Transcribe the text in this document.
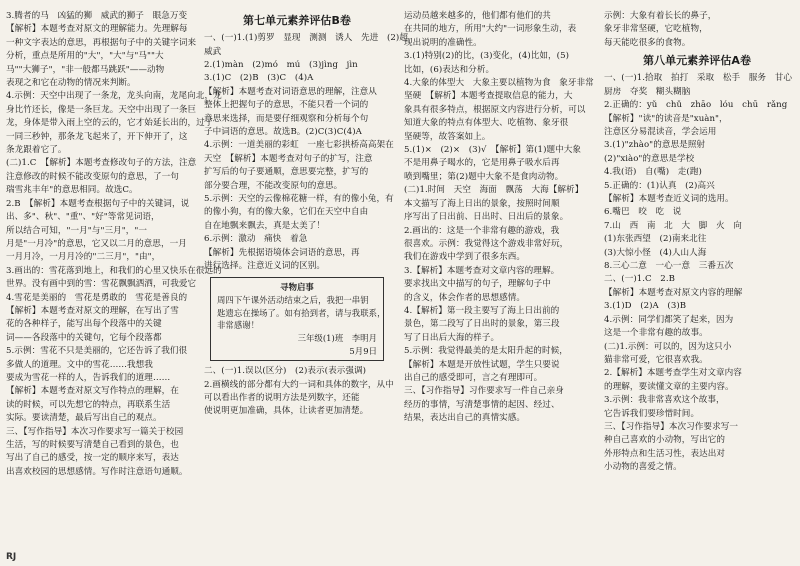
3.腾者的马　凶猛的狮　威武的狮子　眼急万变
【解析】本题考查对原文的理解能力。先理解每
一种文字表达的意思，再根据句子中的关键字词来
分析，重点是所用的"大"，"大"与"马""大
马""大狮子"，"非一般都马跳跃"——动物
表现之和它在动物的情况来判断。
4.示例：天空中出现了一条龙，龙头向南，龙尾向北，龙
身比竹还长，像是一条巨龙。天空中出现了一条巨
龙，身体是带入雨上空的云的，它才始延长出的，过了
一同三秒钟，那条龙飞起来了，开下伸开了，这
条龙跟着它了。
(二)1.C　【解析】本题考查修改句子的方法，注意
注意修改的时候不能改变原句的意思，了一句
瑞雪兆丰年"的意思相同。故选C。
2.B　【解析】本题考查根据句子中的关键词，说
出、多"、秋"、"重"、"好"等常见词语，
所以结合可知，"一月"与"三月"，"一
月是"一月冷"的意思，它又以二月的意思，一月
一月月冷，一月月冷的"二三月"，"由"，
3.画出的：雪花落到地上，和我们的心里又快乐在很远的
世界。没有画中到的雪：雪花飘飘洒洒，可我爱它
4.雪花是美丽的　雪花是勇敢的　雪花是善良的
【解析】本题考查对原文的理解，在写出了雪
花的各种样子，能写出每个段落中的关键
词——各段落中的关键句，它每个段落都
5.示例：雪花不只是美丽的，它还告诉了我们很
多做人的道理。文中的雪花……我想我
要成为雪花一样的人，告诉我们的道理……
【解析】本题考查对原文写作特点的理解，在
读的时候，可以先想它的特点，再联系生活
实际。要读清楚，最后写出自己的观点。
三、【写作指导】本次习作要求写一篇关于校园
生活，写的时候要写清楚自己看到的景色，也
写出了自己的感受，按一定的顺序来写，表达
出喜欢校园的思想感情。写作时注意语句通顺。
第七单元素养评估B卷
一、(一)1.(1)剪罗　显现　测测　诱人　先进　(2)超
威武
2.(1)màn　(2)mó　mú　(3)jìng　jìn
3.(1)C　(2)B　(3)C　(4)A
【解析】本题考查对词语意思的理解，注意从
整体上把握句子的意思，不能只看一个词的
意思来选择，而是要仔细观察和分析每个句
子中词语的意思。故选B。(2)C(3)C(4)A
4.示例：一道美丽的彩虹　一座七彩拱桥高高架在
天空　【解析】本题考查对句子的扩写，注意
扩写后的句子要通顺，意思要完整，扩写的
部分要合理，不能改变原句的意思。
5.示例：天空的云像棉花糖一样，有的像小兔，有
的像小狗，有的像大象，它们在天空中自由
自在地飘来飘去，真是太美了！
6.示例：激动　痛快　着急
【解析】先根据语境体会词语的意思，再
进行选择。注意近义词的区别。
寻物启事
周四下午课外活动结束之后，我把一串钥
匙遗忘在操场了。如有拾到者，请与我联系，
非常感谢！
三年级(1)班　李明月
5月9日
二、(一)1.误以(区分)　(2)表示(表示强调)
2.画横线的部分都有大约一词和具体的数字，从中
可以看出作者的说明方法是列数字，还能
使说明更加准确，具体，让读者更加清楚。
运动员越来越多的，他们都有他们的共
在共同的地方，所用"大约"一词形象生动，表
现出说明的准确性。
3.(1)特别(2)的比，(3)变化，(4)比如，(5)
比如，(6)表达和分析。
4.大象的体型大　大象主要以植物为食　象牙非常
坚硬　【解析】本题考查提取信息的能力，大
象具有很多特点，根据原文内容进行分析，可以
知道大象的特点有体型大、吃植物、象牙很
坚硬等，故答案如上。
5.(1)×　(2)×　(3)√　【解析】第(1)题中大象
不是用鼻子喝水的，它是用鼻子吸水后再
喷到嘴里；第(2)题中大象不是食肉动物。
(二)1.时间　天空　海面　飘荡　大海【解析】
本文描写了海上日出的景象，按照时间顺
序写出了日出前、日出时、日出后的景象。
2.画出的：这是一个非常有趣的游戏，我
很喜欢。示例：我觉得这个游戏非常好玩，
我们在游戏中学到了很多东西。
3.【解析】本题考查对文章内容的理解。
要求找出文中描写的句子，理解句子中
的含义，体会作者的思想感情。
4.【解析】第一段主要写了海上日出前的
景色，第二段写了日出时的景象，第三段
写了日出后大海的样子。
5.示例：我觉得最美的是太阳升起的时候，
【解析】本题是开放性试题，学生只要说
出自己的感受即可，言之有理即可。
三、【习作指导】习作要求写一件自己亲身
经历的事情，写清楚事情的起因、经过、
结果，表达出自己的真情实感。
示例：大象有着长长的鼻子，
象牙非常坚硬，它吃植物，
每天能吃很多的食物。
第八单元素养评估A卷
一、(一)1.拾取　拍打　采取　松手　服务　甘心
厨房　夺奖　糊头糊脑
2.正确的：yǔ　chǔ　zhāo　lóu　chū　rǎng
【解析】"读"的读音是"xuàn"，
注意区分易混读音，学会运用
3.(1)"zhào"的意思是照射
(2)"xiào"的意思是学校
4.我(语)　自(嘴)　走(跑)
5.正确的：(1)认真　(2)高兴
【解析】本题考查近义词的选用。
6.嘴巴　咬　吃　说
7.山　西　南　北　大　脚　火　向
(1)东张西望　(2)南来北往
(3)大惊小怪　(4)人山人海
8.三心二意　一心一意　三番五次
二、(一)1.C　2.B
【解析】本题考查对原文内容的理解
3.(1)D　(2)A　(3)B
4.示例：同学们都笑了起来，因为
这是一个非常有趣的故事。
(二)1.示例：可以的，因为这只小
猫非常可爱，它很喜欢我。
2.【解析】本题考查学生对文章内容
的理解，要读懂文章的主要内容。
3.示例：我非常喜欢这个故事，
它告诉我们要珍惜时间。
三、【习作指导】本次习作要求写一
种自己喜欢的小动物，写出它的
外形特点和生活习性，表达出对
小动物的喜爱之情。
RJ
